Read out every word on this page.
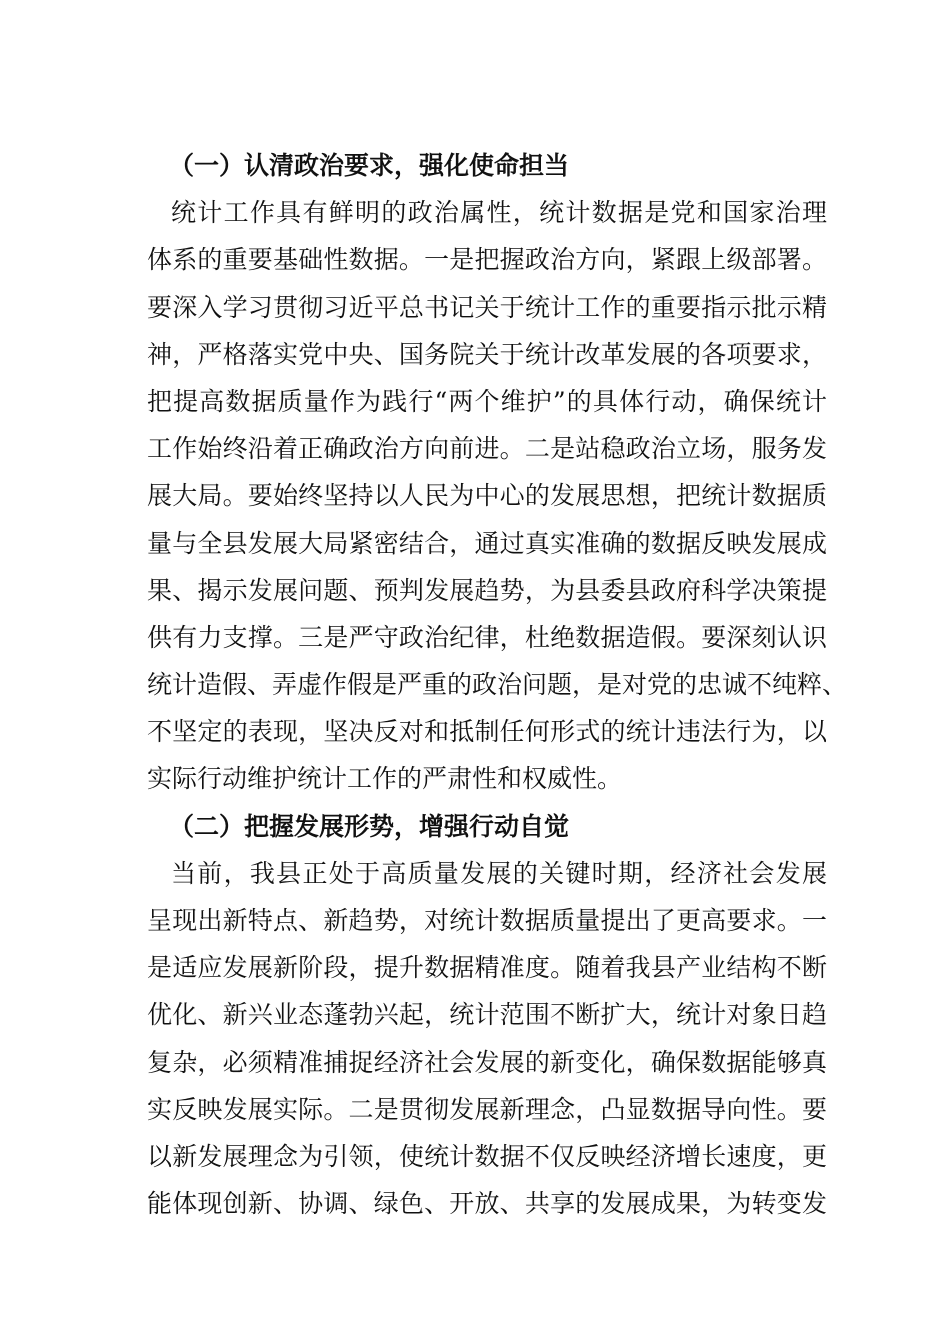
（一）认清政治要求，强化使命担当
统计工作具有鲜明的政治属性，统计数据是党和国家治理
体系的重要基础性数据。一是把握政治方向，紧跟上级部署。
要深入学习贯彻习近平总书记关于统计工作的重要指示批示精
神，严格落实党中央、国务院关于统计改革发展的各项要求，
把提高数据质量作为践行“两个维护”的具体行动，确保统计
工作始终沿着正确政治方向前进。二是站稳政治立场，服务发
展大局。要始终坚持以人民为中心的发展思想，把统计数据质
量与全县发展大局紧密结合，通过真实准确的数据反映发展成
果、揭示发展问题、预判发展趋势，为县委县政府科学决策提
供有力支撑。三是严守政治纪律，杜绝数据造假。要深刻认识
统计造假、弄虚作假是严重的政治问题，是对党的忠诚不纯粹、
不坚定的表现，坚决反对和抵制任何形式的统计违法行为，以
实际行动维护统计工作的严肃性和权威性。
（二）把握发展形势，增强行动自觉
当前，我县正处于高质量发展的关键时期，经济社会发展
呈现出新特点、新趋势，对统计数据质量提出了更高要求。一
是适应发展新阶段，提升数据精准度。随着我县产业结构不断
优化、新兴业态蓬勃兴起，统计范围不断扩大，统计对象日趋
复杂，必须精准捕捉经济社会发展的新变化，确保数据能够真
实反映发展实际。二是贯彻发展新理念，凸显数据导向性。要
以新发展理念为引领，使统计数据不仅反映经济增长速度，更
能体现创新、协调、绿色、开放、共享的发展成果，为转变发
